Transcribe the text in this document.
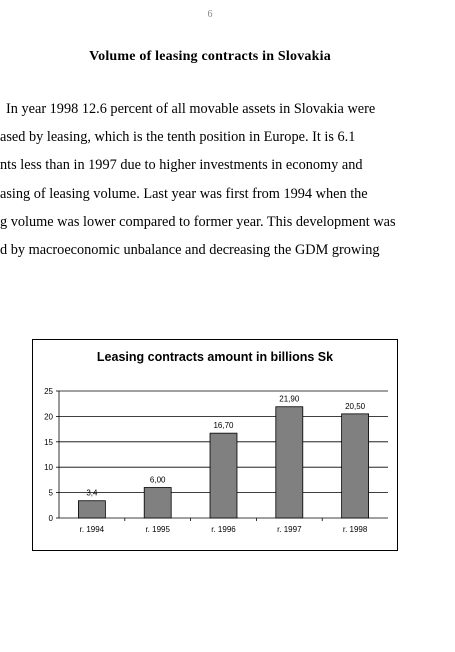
6
Volume of leasing contracts in Slovakia
In year 1998 12.6 percent of all movable assets in Slovakia were
ased by leasing, which is the tenth position in Europe. It is 6.1
nts less than in 1997 due to higher investments in economy and
asing of leasing volume. Last year was first from 1994 when the
g volume was lower compared to former year. This development was
d by macroeconomic unbalance and decreasing the GDM growing
Leasing contracts amount in billions Sk
0
5
10
15
20
25
3,4
r. 1994
6,00
r. 1995
16,70
r. 1996
21,90
r. 1997
20,50
r. 1998
